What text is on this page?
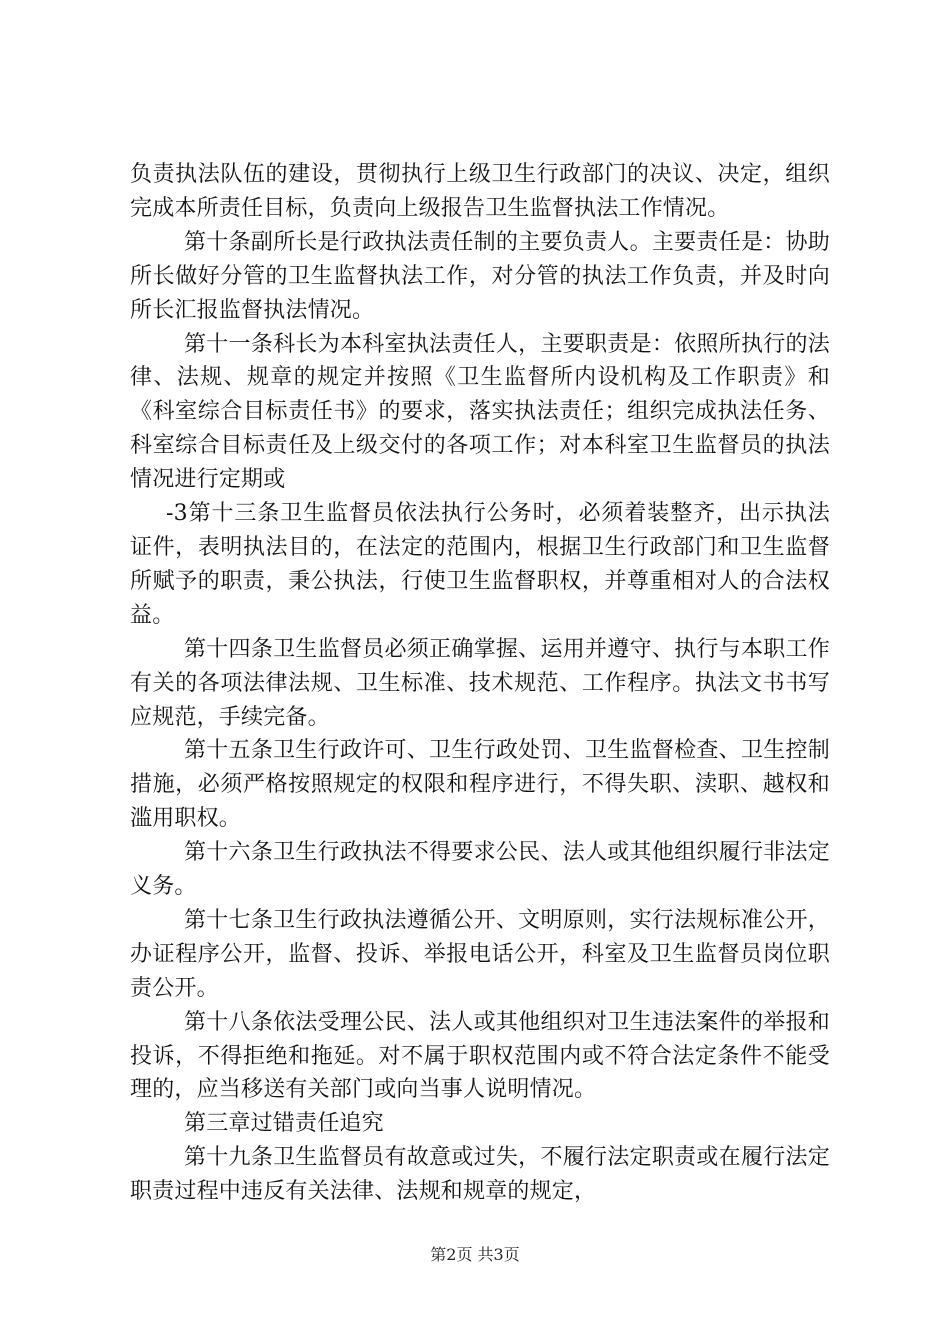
负责执法队伍的建设，贯彻执行上级卫生行政部门的决议、决定，组织完成本所责任目标，负责向上级报告卫生监督执法工作情况。

第十条副所长是行政执法责任制的主要负责人。主要责任是：协助所长做好分管的卫生监督执法工作，对分管的执法工作负责，并及时向所长汇报监督执法情况。

第十一条科长为本科室执法责任人，主要职责是：依照所执行的法律、法规、规章的规定并按照《卫生监督所内设机构及工作职责》和《科室综合目标责任书》的要求，落实执法责任；组织完成执法任务、科室综合目标责任及上级交付的各项工作；对本科室卫生监督员的执法情况进行定期或

-3第十三条卫生监督员依法执行公务时，必须着装整齐，出示执法证件，表明执法目的，在法定的范围内，根据卫生行政部门和卫生监督所赋予的职责，秉公执法，行使卫生监督职权，并尊重相对人的合法权益。

第十四条卫生监督员必须正确掌握、运用并遵守、执行与本职工作有关的各项法律法规、卫生标准、技术规范、工作程序。执法文书书写应规范，手续完备。

第十五条卫生行政许可、卫生行政处罚、卫生监督检查、卫生控制措施，必须严格按照规定的权限和程序进行，不得失职、渎职、越权和滥用职权。

第十六条卫生行政执法不得要求公民、法人或其他组织履行非法定义务。

第十七条卫生行政执法遵循公开、文明原则，实行法规标准公开，办证程序公开，监督、投诉、举报电话公开，科室及卫生监督员岗位职责公开。

第十八条依法受理公民、法人或其他组织对卫生违法案件的举报和投诉，不得拒绝和拖延。对不属于职权范围内或不符合法定条件不能受理的，应当移送有关部门或向当事人说明情况。

第三章过错责任追究

第十九条卫生监督员有故意或过失，不履行法定职责或在履行法定职责过程中违反有关法律、法规和规章的规定，

第2页 共3页
